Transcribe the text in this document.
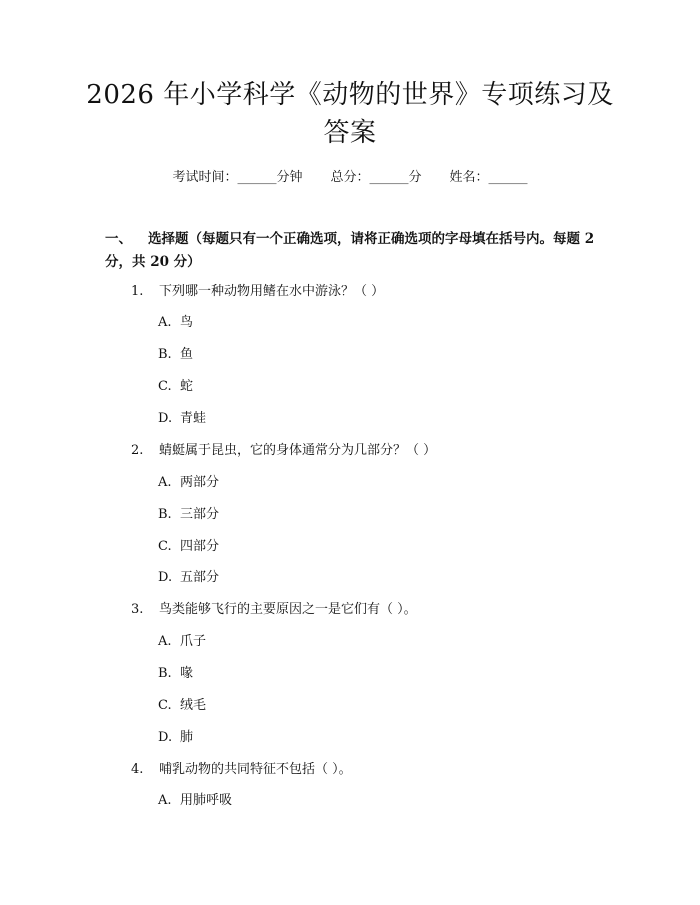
2026 年小学科学《动物的世界》专项练习及答案
考试时间：______分钟 总分：______分 姓名：______
一、 选择题（每题只有一个正确选项，请将正确选项的字母填在括号内。每题 2 分，共 20 分）
1. 下列哪一种动物用鳍在水中游泳？（ ）
A. 鸟
B. 鱼
C. 蛇
D. 青蛙
2. 蜻蜓属于昆虫，它的身体通常分为几部分？（ ）
A. 两部分
B. 三部分
C. 四部分
D. 五部分
3. 鸟类能够飞行的主要原因之一是它们有（ ）。
A. 爪子
B. 喙
C. 绒毛
D. 肺
4. 哺乳动物的共同特征不包括（ ）。
A. 用肺呼吸
